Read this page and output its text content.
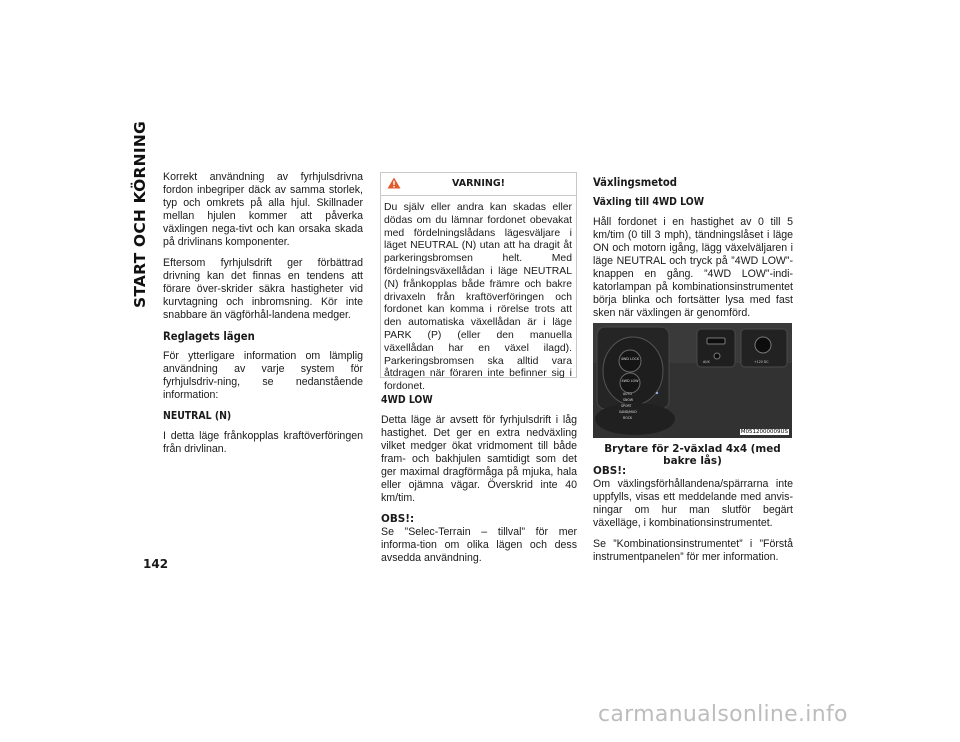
START OCH KÖRNING
142

Korrekt användning av fyrhjulsdrivna fordon inbegriper däck av samma storlek, typ och omkrets på alla hjul. Skillnader mellan hjulen kommer att påverka växlingen nega-tivt och kan orsaka skada på drivlinans komponenter.

Eftersom fyrhjulsdrift ger förbättrad drivning kan det finnas en tendens att förare över-skrider säkra hastigheter vid kurvtagning och inbromsning. Kör inte snabbare än vägförhål-landena medger.

Reglagets lägen

För ytterligare information om lämplig användning av varje system för fyrhjulsdriv-ning, se nedanstående information:

NEUTRAL (N)

I detta läge frånkopplas kraftöverföringen från drivlinan.

VARNING!
Du själv eller andra kan skadas eller dödas om du lämnar fordonet obevakat med fördelningslådans lägesväljare i läget NEUTRAL (N) utan att ha dragit åt parkeringsbromsen helt. Med fördelningsväxellådan i läge NEUTRAL (N) frånkopplas både främre och bakre drivaxeln från kraftöverföringen och fordonet kan komma i rörelse trots att den automatiska växellådan är i läge PARK (P) (eller den manuella växellådan har en växel ilagd). Parkeringsbromsen ska alltid vara åtdragen när föraren inte befinner sig i fordonet.
4WD LOW

Detta läge är avsett för fyrhjulsdrift i låg hastighet. Det ger en extra nedväxling vilket medger ökat vridmoment till både fram- och bakhjulen samtidigt som det ger maximal dragförmåga på mjuka, hala eller ojämna vägar. Överskrid inte 40 km/tim.

OBS!:

Se ”Selec-Terrain – tillval” för mer informa-tion om olika lägen och dess avsedda användning.

Växlingsmetod
Växling till 4WD LOW

Håll fordonet i en hastighet av 0 till 5 km/tim (0 till 3 mph), tändningslåset i läge ON och motorn igång, lägg växelväljaren i läge NEUTRAL och tryck på ”4WD LOW”-knappen en gång. ”4WD LOW”-indi-katorlampan på kombinationsinstrumentet börja blinka och fortsätter lysa med fast sken när växlingen är genomförd.

4WD LOCK
4WD LOW
AUX	+12V DC
AUTO
SNOW
SPORT
SAND/MUD
ROCK
M0512000009US
Brytare för 2-växlad 4x4 (med bakre lås)
OBS!:

Om växlingsförhållandena/spärrarna inte uppfylls, visas ett meddelande med anvis-ningar om hur man slutför begärt växelläge, i kombinationsinstrumentet.

Se ”Kombinationsinstrumentet” i ”Förstå instrumentpanelen” för mer information.

carmanualsonline.info
